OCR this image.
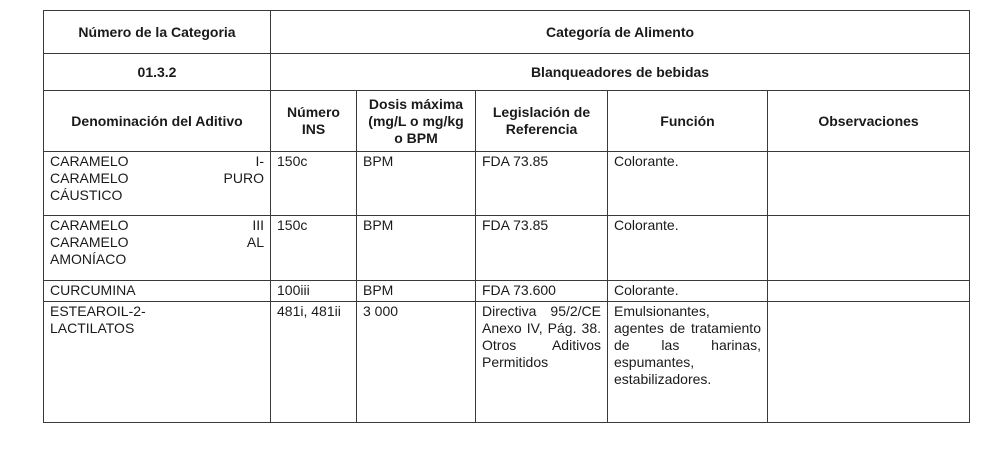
Número de la Categoria	Categoría de Alimento				
01.3.2	Blanqueadores de bebidas				
Denominación del Aditivo	Número INS	Dosis máxima (mg/L o mg/kg o BPM	Legislación de Referencia	Función	Observaciones

CARAMELO I-
CARAMELO PURO
CÁUSTICO	150c	BPM	FDA 73.85	Colorante.	

CARAMELO III
CARAMELO AL
AMONÍACO	150c	BPM	FDA 73.85	Colorante.	

CURCUMINA	100iii	BPM	FDA 73.600	Colorante.	

ESTEAROIL-2-
LACTILATOS	481i, 481ii	3 000	Directiva 95/2/CE Anexo IV, Pág. 38. Otros Aditivos Permitidos	Emulsionantes, agentes de tratamiento de las harinas, espumantes, estabilizadores.	
